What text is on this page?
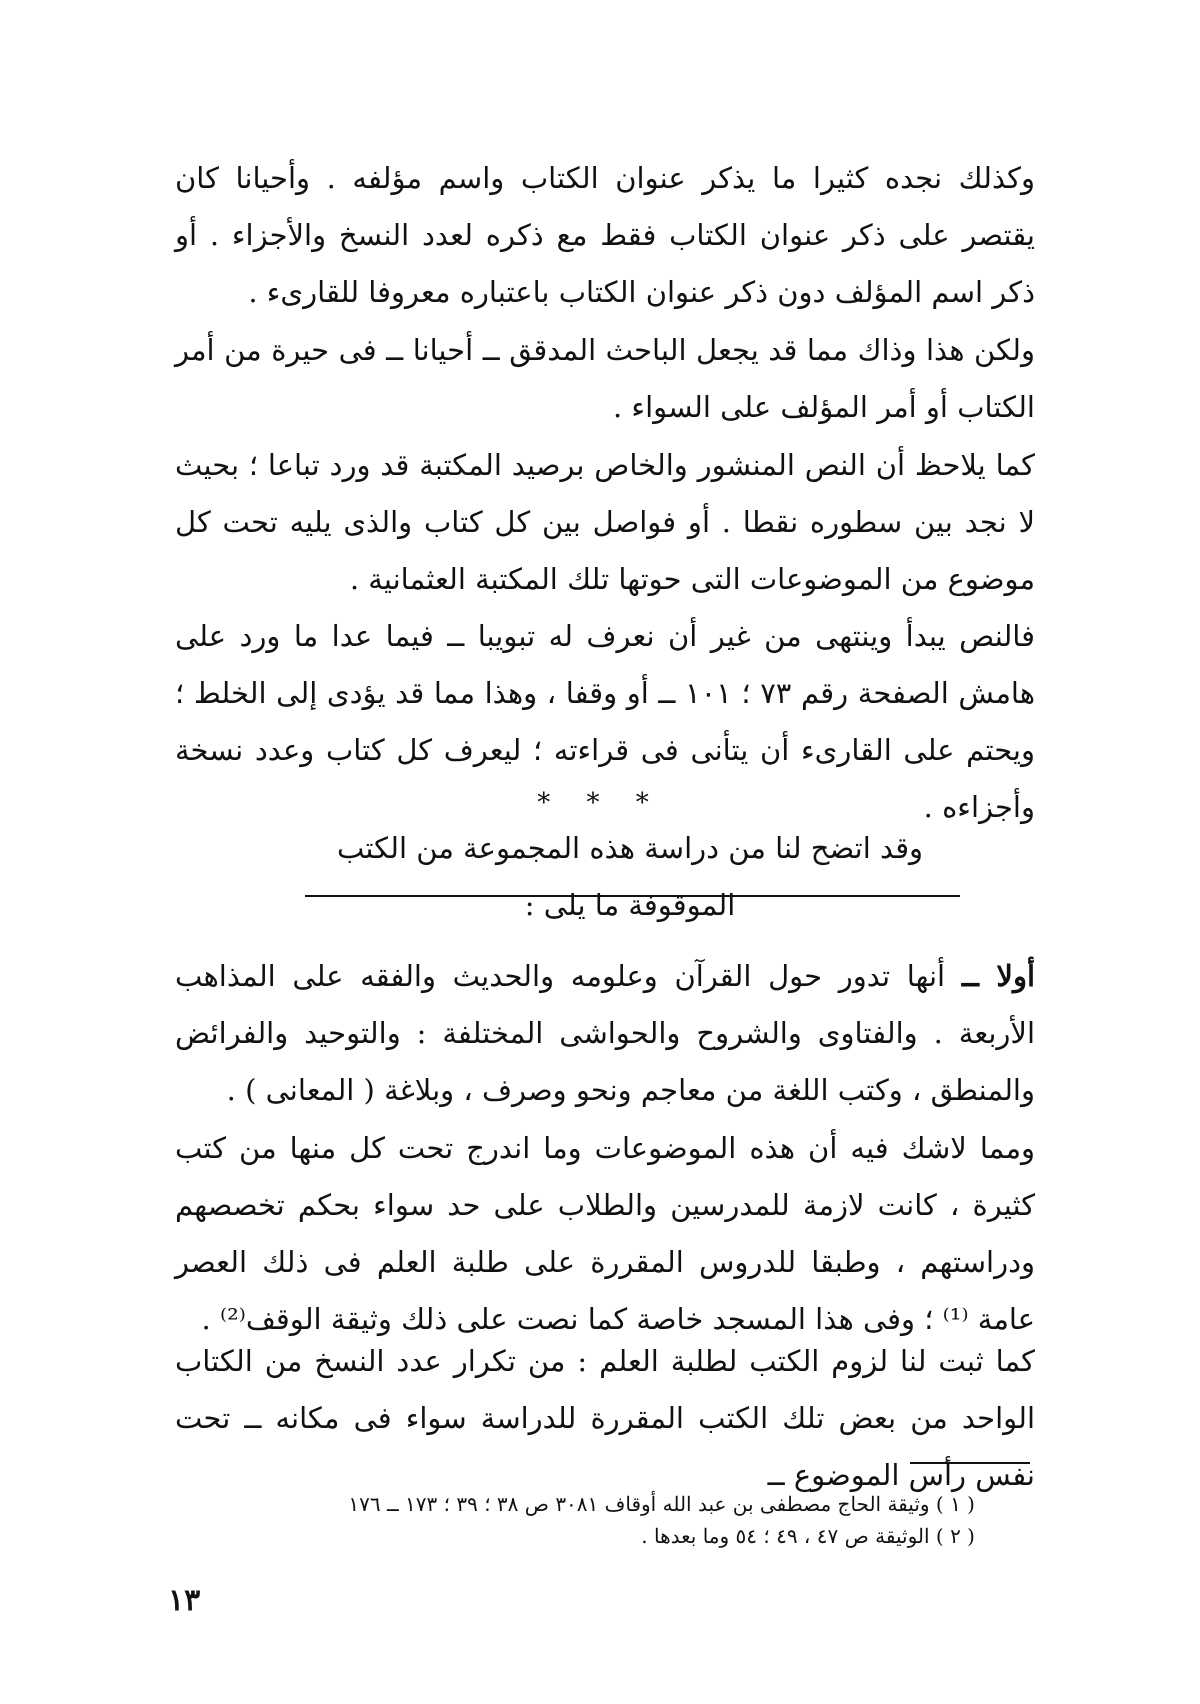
وكذلك نجده كثيرا ما يذكر عنوان الكتاب واسم مؤلفه . وأحيانا كان يقتصر على ذكر عنوان الكتاب فقط مع ذكره لعدد النسخ والأجزاء . أو ذكر اسم المؤلف دون ذكر عنوان الكتاب باعتباره معروفا للقارىء .

ولكن هذا وذاك مما قد يجعل الباحث المدقق ــ أحيانا ــ فى حيرة من أمر الكتاب أو أمر المؤلف على السواء .

كما يلاحظ أن النص المنشور والخاص برصيد المكتبة قد ورد تباعا ؛ بحيث لا نجد بين سطوره نقطا . أو فواصل بين كل كتاب والذى يليه تحت كل موضوع من الموضوعات التى حوتها تلك المكتبة العثمانية .

فالنص يبدأ وينتهى من غير أن نعرف له تبويبا ــ فيما عدا ما ورد على هامش الصفحة رقم ٧٣ ؛ ١٠١ ــ أو وقفا ، وهذا مما قد يؤدى إلى الخلط ؛ ويحتم على القارىء أن يتأنى فى قراءته ؛ ليعرف كل كتاب وعدد نسخة وأجزاءه .

* * *

وقد اتضح لنا من دراسة هذه المجموعة من الكتب الموقوفة ما يلى :

أولا ــ أنها تدور حول القرآن وعلومه والحديث والفقه على المذاهب الأربعة . والفتاوى والشروح والحواشى المختلفة : والتوحيد والفرائض والمنطق ، وكتب اللغة من معاجم ونحو وصرف ، وبلاغة ( المعانى ) .

ومما لاشك فيه أن هذه الموضوعات وما اندرج تحت كل منها من كتب كثيرة ، كانت لازمة للمدرسين والطلاب على حد سواء بحكم تخصصهم ودراستهم ، وطبقا للدروس المقررة على طلبة العلم فى ذلك العصر عامة ⁽¹⁾ ؛ وفى هذا المسجد خاصة كما نصت على ذلك وثيقة الوقف⁽²⁾ .

كما ثبت لنا لزوم الكتب لطلبة العلم : من تكرار عدد النسخ من الكتاب الواحد من بعض تلك الكتب المقررة للدراسة سواء فى مكانه ــ تحت نفس رأس الموضوع ــ

( ١ ) وثيقة الحاج مصطفى بن عبد الله أوقاف ٣٠٨١ ص ٣٨ ؛ ٣٩ ؛ ١٧٣ ــ ١٧٦
( ٢ ) الوثيقة ص ٤٧ ، ٤٩ ؛ ٥٤ وما بعدها .
١٣
